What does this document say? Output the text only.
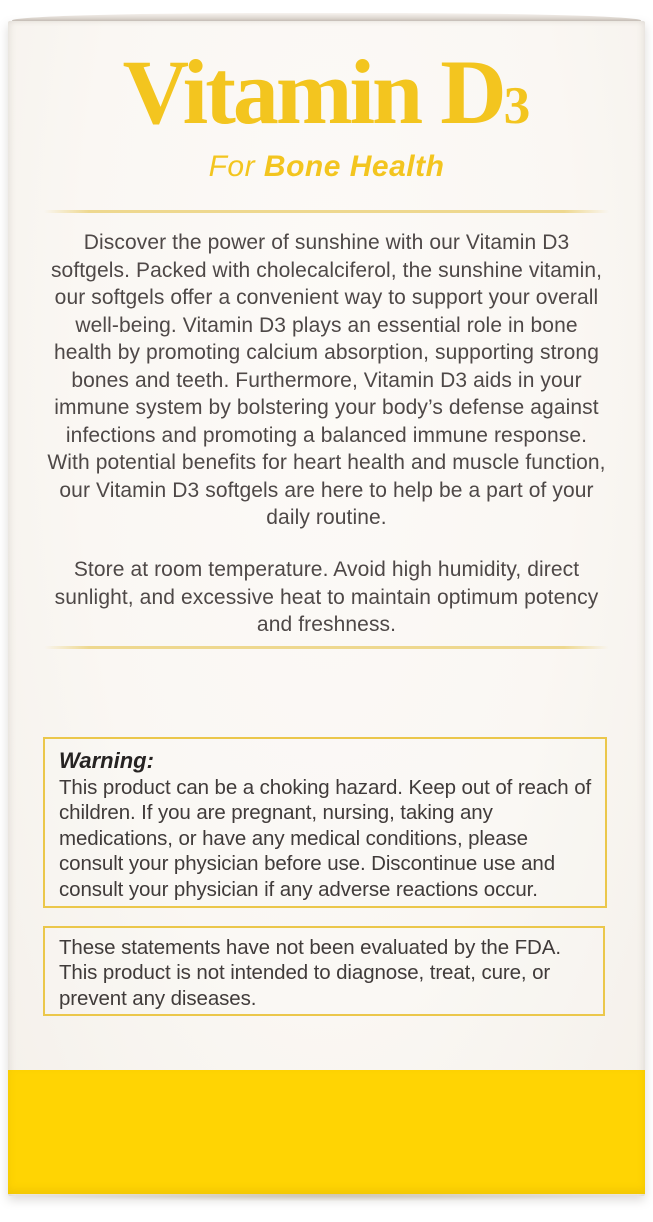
Vitamin D3
For Bone Health

Discover the power of sunshine with our Vitamin D3 softgels. Packed with cholecalciferol, the sunshine vitamin, our softgels offer a convenient way to support your overall well-being. Vitamin D3 plays an essential role in bone health by promoting calcium absorption, supporting strong bones and teeth. Furthermore, Vitamin D3 aids in your immune system by bolstering your body’s defense against infections and promoting a balanced immune response. With potential benefits for heart health and muscle function, our Vitamin D3 softgels are here to help be a part of your daily routine.

Store at room temperature. Avoid high humidity, direct sunlight, and excessive heat to maintain optimum potency and freshness.

Warning:
This product can be a choking hazard. Keep out of reach of children. If you are pregnant, nursing, taking any medications, or have any medical conditions, please consult your physician before use. Discontinue use and consult your physician if any adverse reactions occur.
These statements have not been evaluated by the FDA. This product is not intended to diagnose, treat, cure, or prevent any diseases.
